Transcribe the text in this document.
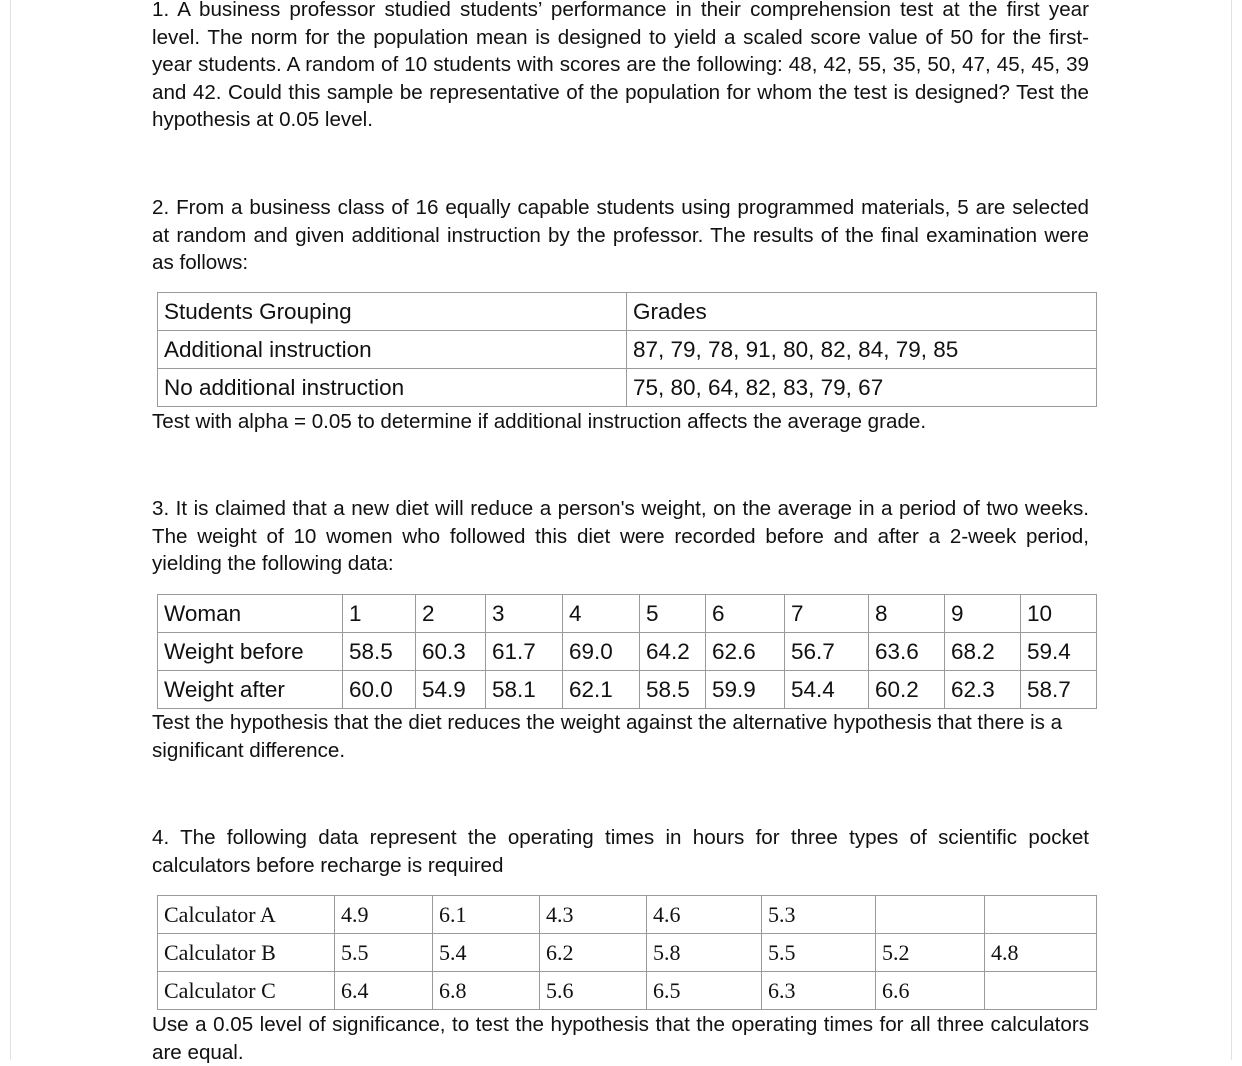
1. A business professor studied students’ performance in their comprehension test at the first year level. The norm for the population mean is designed to yield a scaled score value of 50 for the first-year students. A random of 10 students with scores are the following: 48, 42, 55, 35, 50, 47, 45, 45, 39 and 42. Could this sample be representative of the population for whom the test is designed? Test the hypothesis at 0.05 level.

2. From a business class of 16 equally capable students using programmed materials, 5 are selected at random and given additional instruction by the professor. The results of the final examination were as follows:

Students Grouping	Grades
Additional instruction	87, 79, 78, 91, 80, 82, 84, 79, 85
No additional instruction	75, 80, 64, 82, 83, 79, 67

Test with alpha = 0.05 to determine if additional instruction affects the average grade.

3. It is claimed that a new diet will reduce a person's weight, on the average in a period of two weeks. The weight of 10 women who followed this diet were recorded before and after a 2-week period, yielding the following data:

Woman	1	2	3	4	5	6	7	8	9	10
Weight before	58.5	60.3	61.7	69.0	64.2	62.6	56.7	63.6	68.2	59.4
Weight after	60.0	54.9	58.1	62.1	58.5	59.9	54.4	60.2	62.3	58.7

Test the hypothesis that the diet reduces the weight against the alternative hypothesis that there is a significant difference.

4. The following data represent the operating times in hours for three types of scientific pocket calculators before recharge is required

Calculator A	4.9	6.1	4.3	4.6	5.3		
Calculator B	5.5	5.4	6.2	5.8	5.5	5.2	4.8
Calculator C	6.4	6.8	5.6	6.5	6.3	6.6	

Use a 0.05 level of significance, to test the hypothesis that the operating times for all three calculators are equal.
